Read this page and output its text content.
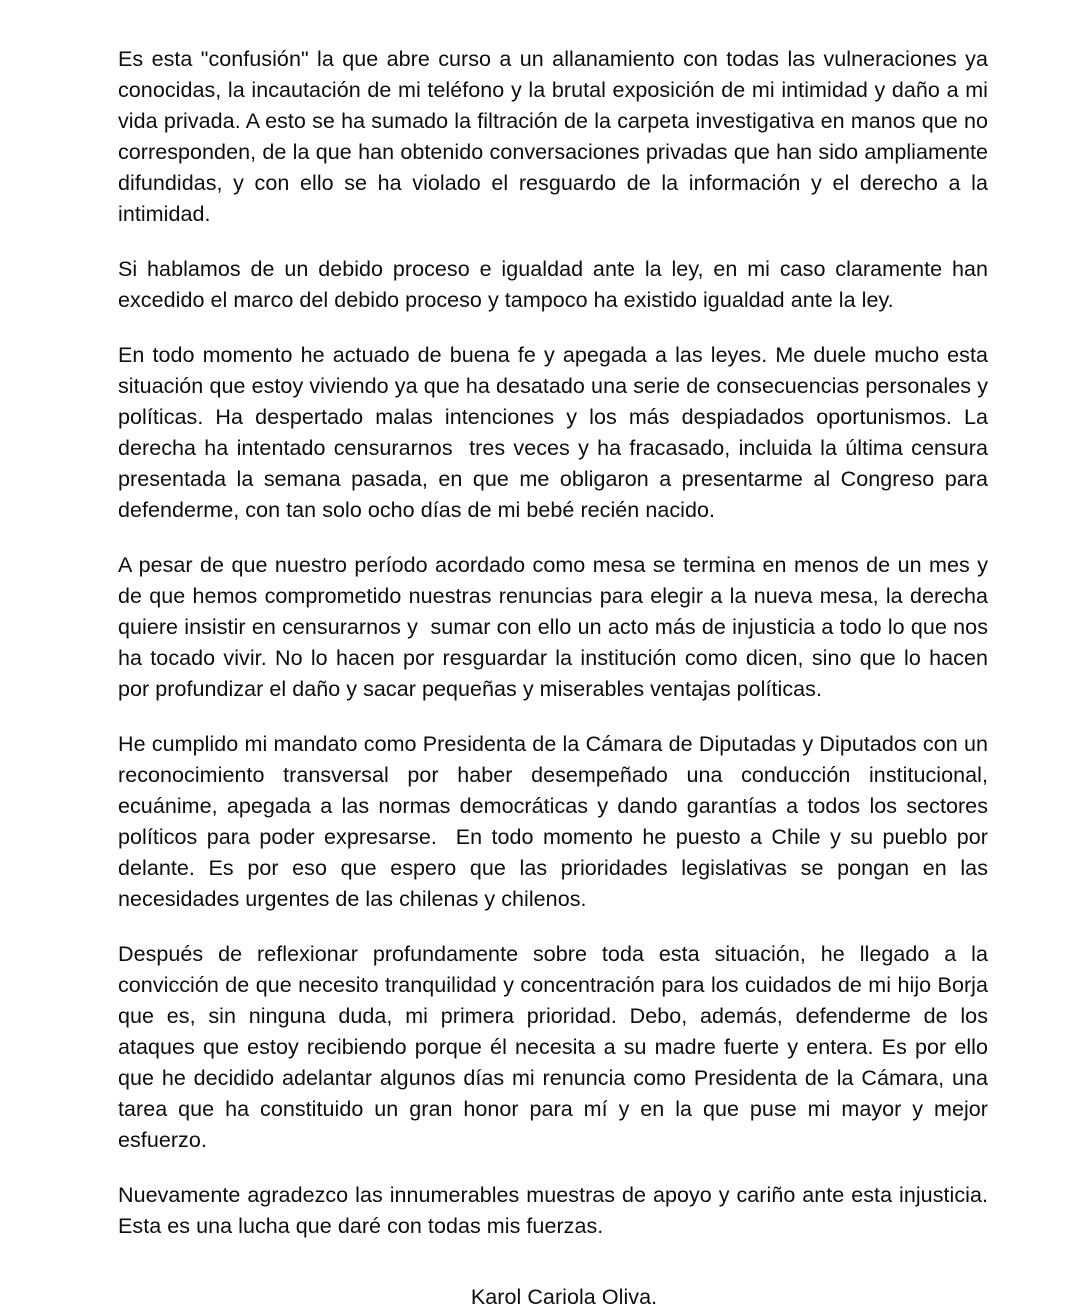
Es esta "confusión" la que abre curso a un allanamiento con todas las vulneraciones ya conocidas, la incautación de mi teléfono y la brutal exposición de mi intimidad y daño a mi vida privada. A esto se ha sumado la filtración de la carpeta investigativa en manos que no corresponden, de la que han obtenido conversaciones privadas que han sido ampliamente difundidas, y con ello se ha violado el resguardo de la información y el derecho a la intimidad.

Si hablamos de un debido proceso e igualdad ante la ley, en mi caso claramente han excedido el marco del debido proceso y tampoco ha existido igualdad ante la ley.

En todo momento he actuado de buena fe y apegada a las leyes. Me duele mucho esta situación que estoy viviendo ya que ha desatado una serie de consecuencias personales y políticas. Ha despertado malas intenciones y los más despiadados oportunismos. La derecha ha intentado censurarnos  tres veces y ha fracasado, incluida la última censura presentada la semana pasada, en que me obligaron a presentarme al Congreso para defenderme, con tan solo ocho días de mi bebé recién nacido.

A pesar de que nuestro período acordado como mesa se termina en menos de un mes y de que hemos comprometido nuestras renuncias para elegir a la nueva mesa, la derecha quiere insistir en censurarnos y  sumar con ello un acto más de injusticia a todo lo que nos ha tocado vivir. No lo hacen por resguardar la institución como dicen, sino que lo hacen por profundizar el daño y sacar pequeñas y miserables ventajas políticas.

He cumplido mi mandato como Presidenta de la Cámara de Diputadas y Diputados con un reconocimiento transversal por haber desempeñado una conducción institucional, ecuánime, apegada a las normas democráticas y dando garantías a todos los sectores políticos para poder expresarse.  En todo momento he puesto a Chile y su pueblo por delante. Es por eso que espero que las prioridades legislativas se pongan en las necesidades urgentes de las chilenas y chilenos.

Después de reflexionar profundamente sobre toda esta situación, he llegado a la convicción de que necesito tranquilidad y concentración para los cuidados de mi hijo Borja  que es, sin ninguna duda, mi primera prioridad. Debo, además, defenderme de los ataques que estoy recibiendo porque él necesita a su madre fuerte y entera. Es por ello que he decidido adelantar algunos días mi renuncia como Presidenta de la Cámara, una tarea que ha constituido un gran honor para mí y en la que puse mi mayor y mejor esfuerzo.

Nuevamente agradezco las innumerables muestras de apoyo y cariño ante esta injusticia. Esta es una lucha que daré con todas mis fuerzas.

Karol Cariola Oliva.
